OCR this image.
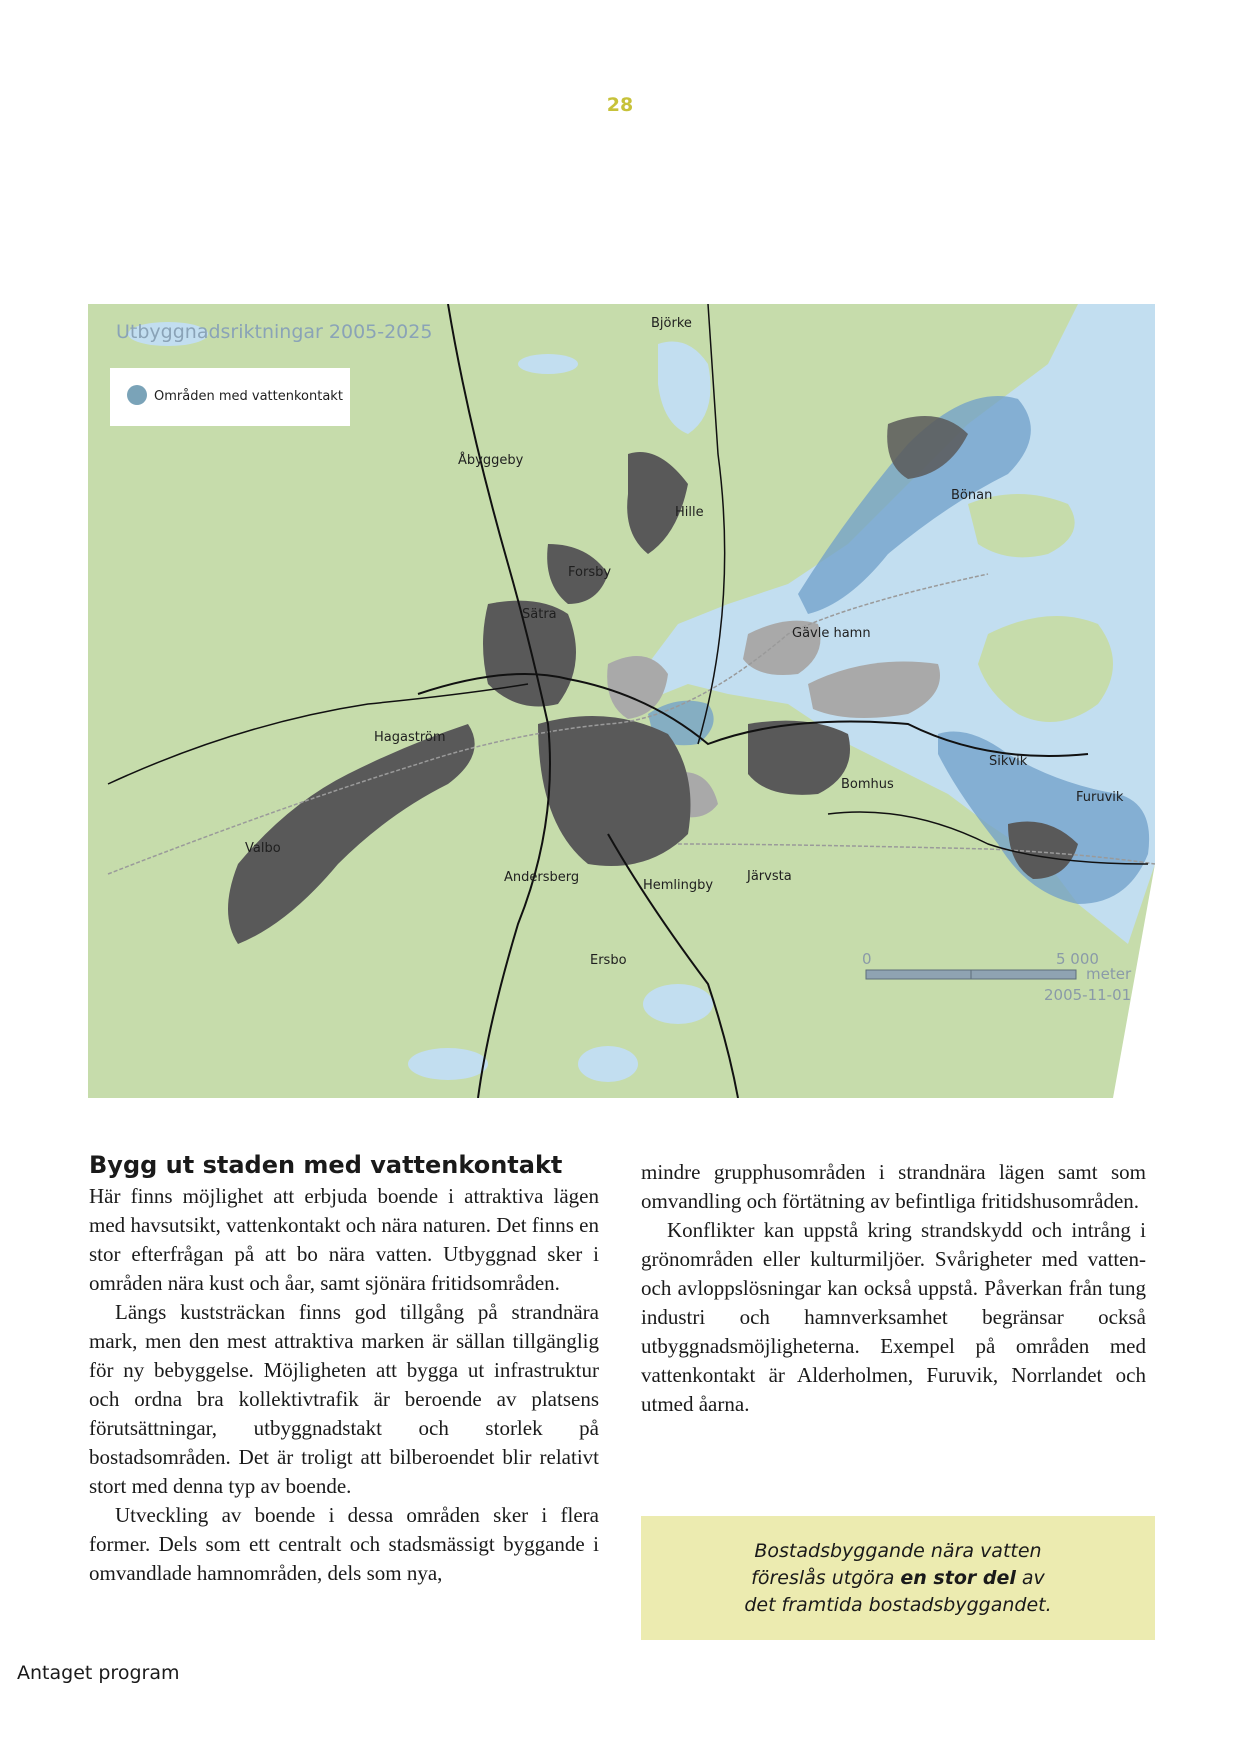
28
Områden med vattenkontakt
Utbyggnadsriktningar 2005-2025	Björke
Åbyggeby
Hille
Bönan
Forsby
Sätra
Gävle hamn
Hagaström
Sikvik
Bomhus
Furuvik
Valbo
Andersberg
Hemlingby
Järvsta
Ersbo	0	5 000
meter
2005-11-01
Bygg ut staden med vattenkontakt

Här finns möjlighet att erbjuda boende i attraktiva lägen med havsutsikt, vattenkontakt och nära naturen. Det finns en stor efterfrågan på att bo nära vatten. Utbyggnad sker i områden nära kust och åar, samt sjönära fritidsområden.

Längs kuststräckan finns god tillgång på strandnära mark, men den mest attraktiva marken är sällan tillgänglig för ny bebyggelse. Möjligheten att bygga ut infrastruktur och ordna bra kollektivtrafik är beroende av platsens förutsättningar, utbyggnadstakt och storlek på bostadsområden. Det är troligt att bilberoendet blir relativt stort med denna typ av boende.

Utveckling av boende i dessa områden sker i flera former. Dels som ett centralt och stadsmässigt byggande i omvandlade hamnområden, dels som nya,

mindre grupphusområden i strandnära lägen samt som omvandling och förtätning av befintliga fritidshusområden.

Konflikter kan uppstå kring strandskydd och intrång i grönområden eller kulturmiljöer. Svårigheter med vatten- och avloppslösningar kan också uppstå. Påverkan från tung industri och hamnverksamhet begränsar också utbyggnadsmöjligheterna. Exempel på områden med vattenkontakt är Alderholmen, Furuvik, Norrlandet och utmed åarna.

Bostadsbyggande nära vatten
föreslås utgöra en stor del av
det framtida bostadsbyggandet.
Antaget program
